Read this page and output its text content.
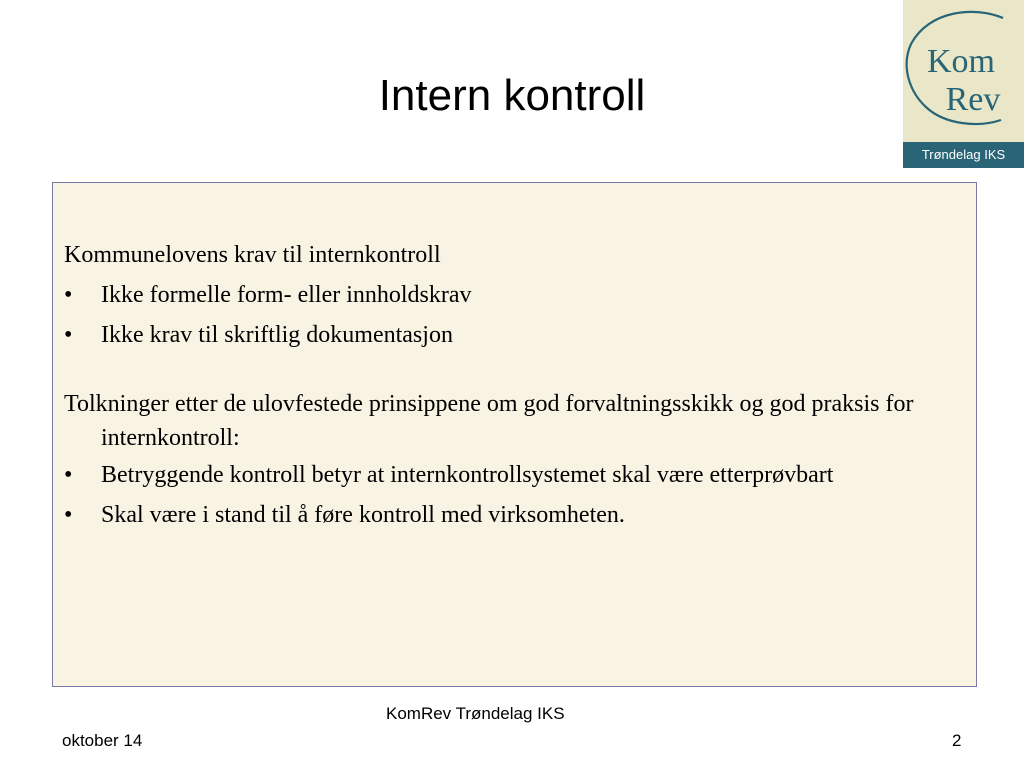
Intern kontroll
Kom
Rev
Trøndelag IKS

Kommunelovens krav til internkontroll

• Ikke formelle form- eller innholdskrav
• Ikke krav til skriftlig dokumentasjon

Tolkninger etter de ulovfestede prinsippene om god forvaltningsskikk og god praksis for internkontroll:

• Betryggende kontroll betyr at internkontrollsystemet skal være etterprøvbart
• Skal være i stand til å føre kontroll med virksomheten.
KomRev Trøndelag IKS
oktober 14	2
